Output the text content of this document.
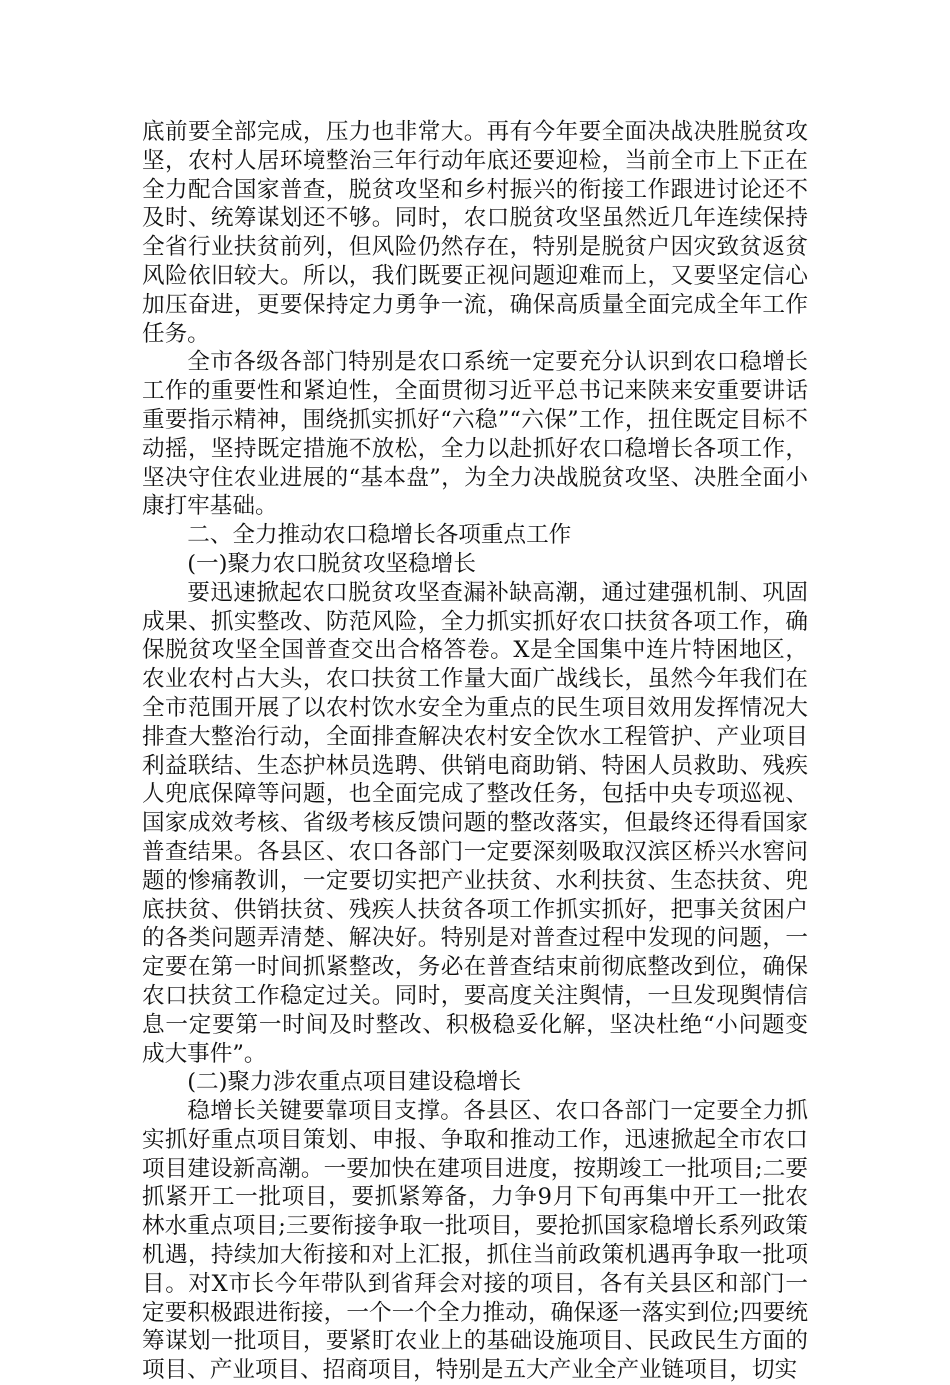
底前要全部完成，压力也非常大。再有今年要全面决战决胜脱贫攻坚，农村人居环境整治三年行动年底还要迎检，当前全市上下正在全力配合国家普查，脱贫攻坚和乡村振兴的衔接工作跟进讨论还不及时、统筹谋划还不够。同时，农口脱贫攻坚虽然近几年连续保持全省行业扶贫前列，但风险仍然存在，特别是脱贫户因灾致贫返贫风险依旧较大。所以，我们既要正视问题迎难而上，又要坚定信心加压奋进，更要保持定力勇争一流，确保高质量全面完成全年工作任务。

全市各级各部门特别是农口系统一定要充分认识到农口稳增长工作的重要性和紧迫性，全面贯彻习近平总书记来陕来安重要讲话重要指示精神，围绕抓实抓好“六稳”“六保”工作，扭住既定目标不动摇，坚持既定措施不放松，全力以赴抓好农口稳增长各项工作，坚决守住农业进展的“基本盘”，为全力决战脱贫攻坚、决胜全面小康打牢基础。

二、全力推动农口稳增长各项重点工作

(一)聚力农口脱贫攻坚稳增长

要迅速掀起农口脱贫攻坚查漏补缺高潮，通过建强机制、巩固成果、抓实整改、防范风险，全力抓实抓好农口扶贫各项工作，确保脱贫攻坚全国普查交出合格答卷。X是全国集中连片特困地区，农业农村占大头，农口扶贫工作量大面广战线长，虽然今年我们在全市范围开展了以农村饮水安全为重点的民生项目效用发挥情况大排查大整治行动，全面排查解决农村安全饮水工程管护、产业项目利益联结、生态护林员选聘、供销电商助销、特困人员救助、残疾人兜底保障等问题，也全面完成了整改任务，包括中央专项巡视、国家成效考核、省级考核反馈问题的整改落实，但最终还得看国家普查结果。各县区、农口各部门一定要深刻吸取汉滨区桥兴水窖问题的惨痛教训，一定要切实把产业扶贫、水利扶贫、生态扶贫、兜底扶贫、供销扶贫、残疾人扶贫各项工作抓实抓好，把事关贫困户的各类问题弄清楚、解决好。特别是对普查过程中发现的问题，一定要在第一时间抓紧整改，务必在普查结束前彻底整改到位，确保农口扶贫工作稳定过关。同时，要高度关注舆情，一旦发现舆情信息一定要第一时间及时整改、积极稳妥化解，坚决杜绝“小问题变成大事件”。

(二)聚力涉农重点项目建设稳增长

稳增长关键要靠项目支撑。各县区、农口各部门一定要全力抓实抓好重点项目策划、申报、争取和推动工作，迅速掀起全市农口项目建设新高潮。一要加快在建项目进度，按期竣工一批项目;二要抓紧开工一批项目，要抓紧筹备，力争9月下旬再集中开工一批农林水重点项目;三要衔接争取一批项目，要抢抓国家稳增长系列政策机遇，持续加大衔接和对上汇报，抓住当前政策机遇再争取一批项目。对X市长今年带队到省拜会对接的项目，各有关县区和部门一定要积极跟进衔接，一个一个全力推动，确保逐一落实到位;四要统筹谋划一批项目，要紧盯农业上的基础设施项目、民政民生方面的项目、产业项目、招商项目，特别是五大产业全产业链项目，切实
